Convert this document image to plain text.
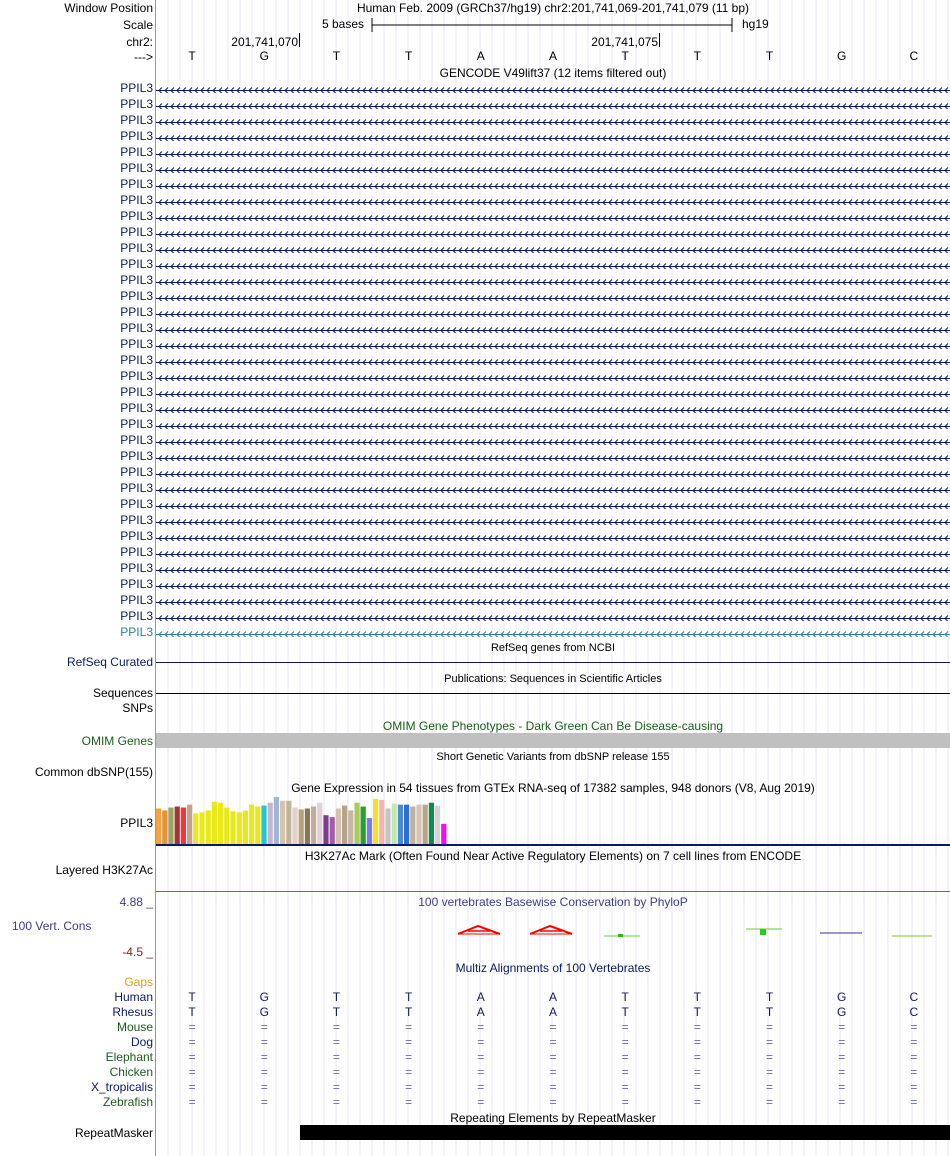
Window Position	Human Feb. 2009 (GRCh37/hg19) chr2:201,741,069-201,741,079 (11 bp)
Scale	5 bases	hg19
chr2:	201,741,070	201,741,075
--->	T	G	T	T	A	A	T	T	T	G	C
GENCODE V49lift37 (12 items filtered out)
PPIL3
PPIL3
PPIL3
PPIL3
PPIL3
PPIL3
PPIL3
PPIL3
PPIL3
PPIL3
PPIL3
PPIL3
PPIL3
PPIL3
PPIL3
PPIL3
PPIL3
PPIL3
PPIL3
PPIL3
PPIL3
PPIL3
PPIL3
PPIL3
PPIL3
PPIL3
PPIL3
PPIL3
PPIL3
PPIL3
PPIL3
PPIL3
PPIL3
PPIL3
PPIL3
RefSeq genes from NCBI
RefSeq Curated
Publications: Sequences in Scientific Articles
Sequences
SNPs
OMIM Gene Phenotypes - Dark Green Can Be Disease-causing
OMIM Genes
Short Genetic Variants from dbSNP release 155
Common dbSNP(155)
Gene Expression in 54 tissues from GTEx RNA-seq of 17382 samples, 948 donors (V8, Aug 2019)
PPIL3
H3K27Ac Mark (Often Found Near Active Regulatory Elements) on 7 cell lines from ENCODE
Layered H3K27Ac
100 vertebrates Basewise Conservation by PhyloP
4.88 _
100 Vert. Cons
-4.5 _
Multiz Alignments of 100 Vertebrates
Gaps
Human	T	G	T	T	A	A	T	T	T	G	C
Rhesus	T	G	T	T	A	A	T	T	T	G	C
Mouse	=	=	=	=	=	=	=	=	=	=	=
Dog	=	=	=	=	=	=	=	=	=	=	=
Elephant	=	=	=	=	=	=	=	=	=	=	=
Chicken	=	=	=	=	=	=	=	=	=	=	=
X_tropicalis	=	=	=	=	=	=	=	=	=	=	=
Zebrafish	=	=	=	=	=	=	=	=	=	=	=
Repeating Elements by RepeatMasker
RepeatMasker
